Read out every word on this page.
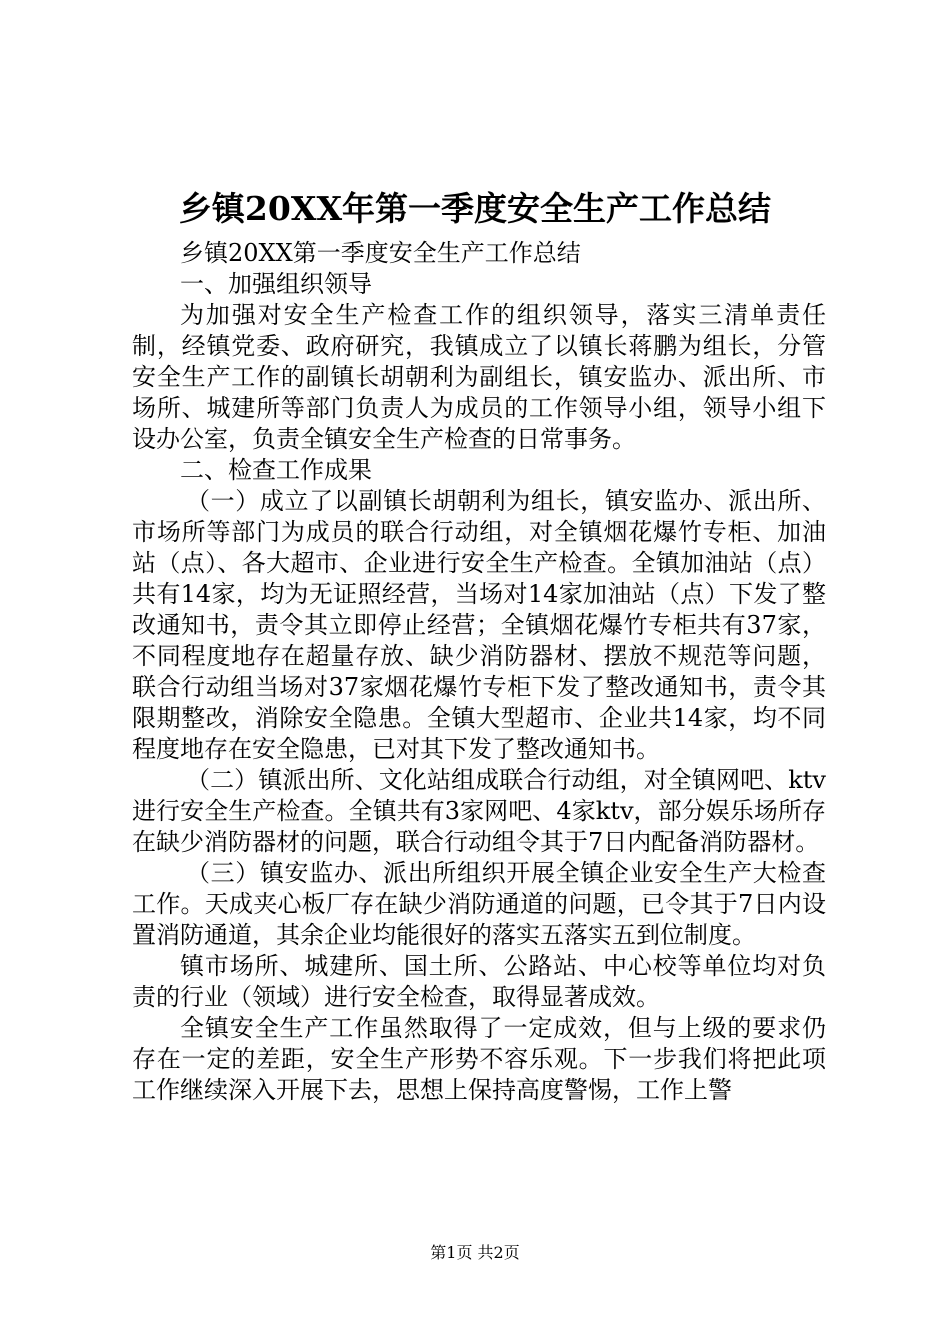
乡镇20XX年第一季度安全生产工作总结

乡镇20XX第一季度安全生产工作总结

一、加强组织领导

为加强对安全生产检查工作的组织领导，落实三清单责任制，经镇党委、政府研究，我镇成立了以镇长蒋鹏为组长，分管安全生产工作的副镇长胡朝利为副组长，镇安监办、派出所、市场所、城建所等部门负责人为成员的工作领导小组，领导小组下设办公室，负责全镇安全生产检查的日常事务。

二、检查工作成果

（一）成立了以副镇长胡朝利为组长，镇安监办、派出所、市场所等部门为成员的联合行动组，对全镇烟花爆竹专柜、加油站（点）、各大超市、企业进行安全生产检查。全镇加油站（点）共有14家，均为无证照经营，当场对14家加油站（点）下发了整改通知书，责令其立即停止经营；全镇烟花爆竹专柜共有37家，不同程度地存在超量存放、缺少消防器材、摆放不规范等问题，联合行动组当场对37家烟花爆竹专柜下发了整改通知书，责令其限期整改，消除安全隐患。全镇大型超市、企业共14家，均不同程度地存在安全隐患，已对其下发了整改通知书。

（二）镇派出所、文化站组成联合行动组，对全镇网吧、ktv进行安全生产检查。全镇共有3家网吧、4家ktv，部分娱乐场所存在缺少消防器材的问题，联合行动组令其于7日内配备消防器材。

（三）镇安监办、派出所组织开展全镇企业安全生产大检查工作。天成夹心板厂存在缺少消防通道的问题，已令其于7日内设置消防通道，其余企业均能很好的落实五落实五到位制度。

镇市场所、城建所、国土所、公路站、中心校等单位均对负责的行业（领域）进行安全检查，取得显著成效。

全镇安全生产工作虽然取得了一定成效，但与上级的要求仍存在一定的差距，安全生产形势不容乐观。下一步我们将把此项工作继续深入开展下去，思想上保持高度警惕，工作上警

第1页 共2页
